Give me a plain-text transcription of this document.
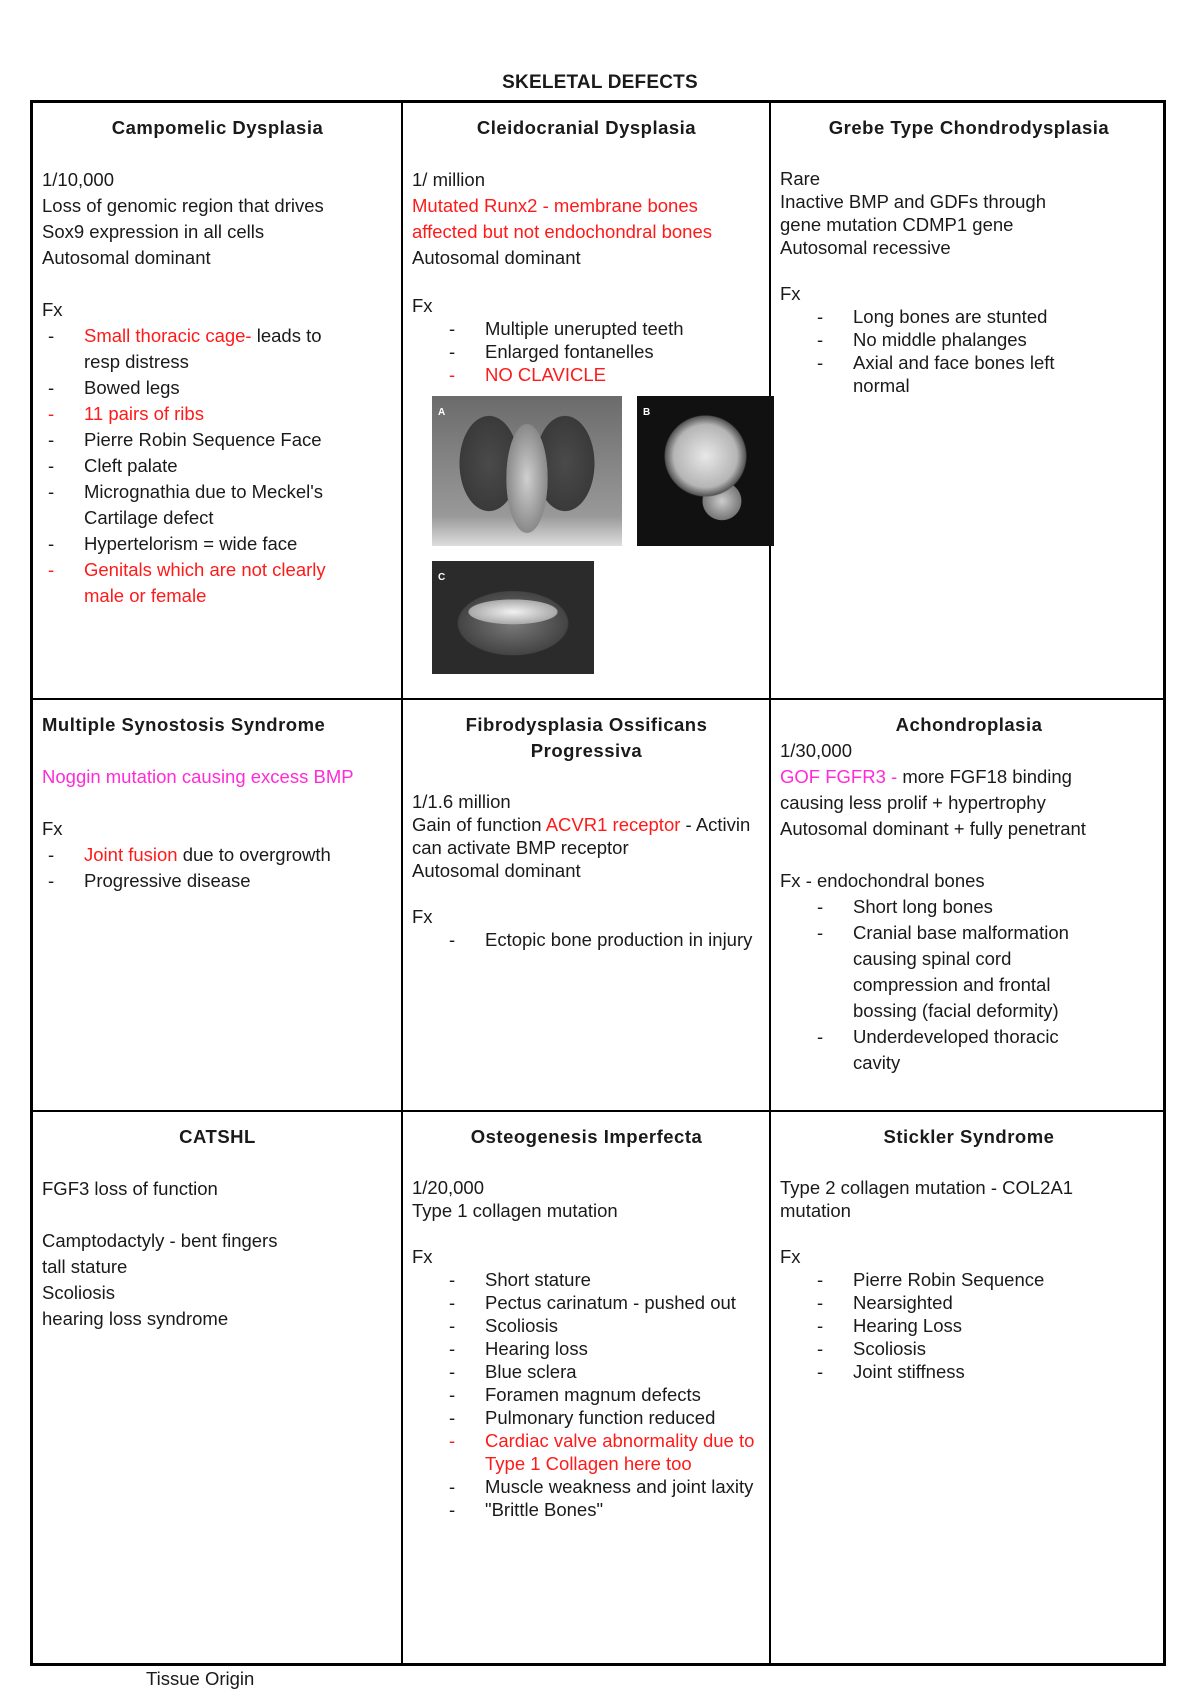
SKELETAL DEFECTS
Campomelic Dysplasia
1/10,000
Loss of genomic region that drives
Sox9 expression in all cells
Autosomal dominant
Fx
- Small thoracic cage- leads to
resp distress
- Bowed legs
- 11 pairs of ribs
- Pierre Robin Sequence Face
- Cleft palate
- Micrognathia due to Meckel's
Cartilage defect
- Hypertelorism = wide face
- Genitals which are not clearly
male or female
Cleidocranial Dysplasia
1/ million
Mutated Runx2 - membrane bones
affected but not endochondral bones
Autosomal dominant
Fx
- Multiple unerupted teeth
- Enlarged fontanelles
- NO CLAVICLE
A	B
C
Grebe Type Chondrodysplasia
Rare
Inactive BMP and GDFs through
gene mutation CDMP1 gene
Autosomal recessive
Fx
- Long bones are stunted
- No middle phalanges
- Axial and face bones left
normal
Multiple Synostosis Syndrome
Noggin mutation causing excess BMP
Fx
- Joint fusion due to overgrowth
- Progressive disease
Fibrodysplasia Ossificans
Progressiva
1/1.6 million
Gain of function ACVR1 receptor - Activin
can activate BMP receptor
Autosomal dominant
Fx
- Ectopic bone production in injury
Achondroplasia
1/30,000
GOF FGFR3 - more FGF18 binding
causing less prolif + hypertrophy
Autosomal dominant + fully penetrant
Fx - endochondral bones
- Short long bones
- Cranial base malformation
causing spinal cord
compression and frontal
bossing (facial deformity)
- Underdeveloped thoracic
cavity
CATSHL
FGF3 loss of function
Camptodactyly - bent fingers
tall stature
Scoliosis
hearing loss syndrome
Osteogenesis Imperfecta
1/20,000
Type 1 collagen mutation
Fx
- Short stature
- Pectus carinatum - pushed out
- Scoliosis
- Hearing loss
- Blue sclera
- Foramen magnum defects
- Pulmonary function reduced
- Cardiac valve abnormality due to
Type 1 Collagen here too
- Muscle weakness and joint laxity
- "Brittle Bones"
Stickler Syndrome
Type 2 collagen mutation - COL2A1
mutation
Fx
- Pierre Robin Sequence
- Nearsighted
- Hearing Loss
- Scoliosis
- Joint stiffness
Tissue Origin
